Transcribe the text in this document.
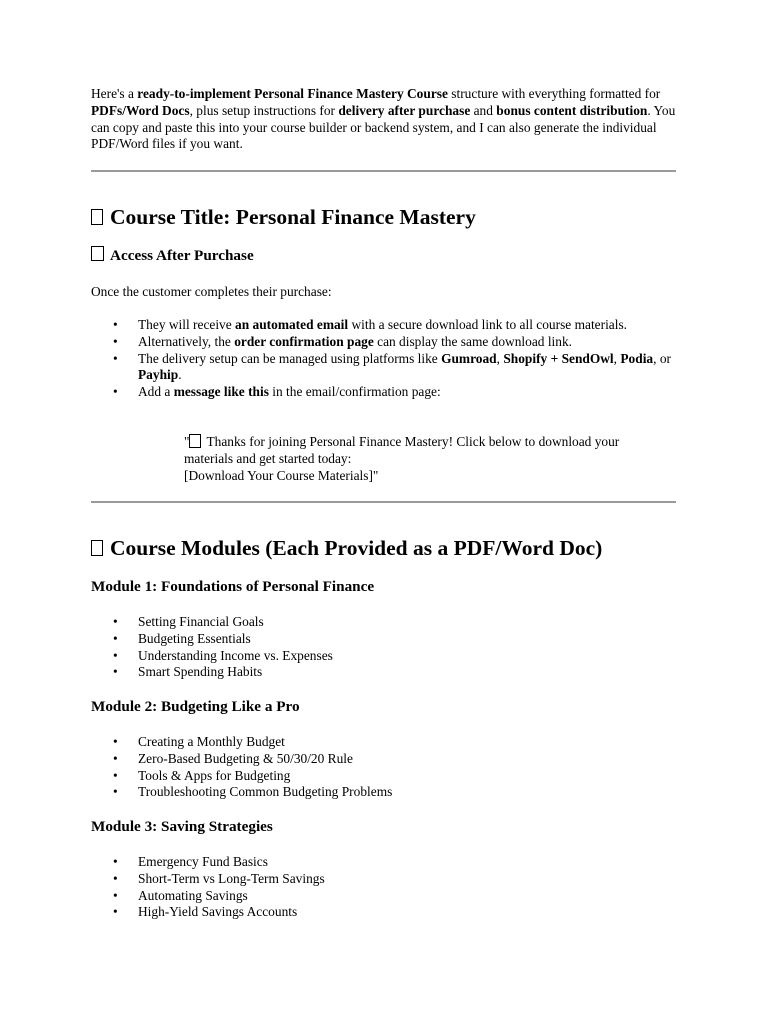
Here's a ready-to-implement Personal Finance Mastery Course structure with everything formatted for PDFs/Word Docs, plus setup instructions for delivery after purchase and bonus content distribution. You can copy and paste this into your course builder or backend system, and I can also generate the individual PDF/Word files if you want.

Course Title: Personal Finance Mastery
Access After Purchase

Once the customer completes their purchase:

• They will receive an automated email with a secure download link to all course materials.
• Alternatively, the order confirmation page can display the same download link.
• The delivery setup can be managed using platforms like Gumroad, Shopify + SendOwl, Podia, or Payhip.
• Add a message like this in the email/confirmation page:
" Thanks for joining Personal Finance Mastery! Click below to download your materials and get started today:
[Download Your Course Materials]"
Course Modules (Each Provided as a PDF/Word Doc)
Module 1: Foundations of Personal Finance
• Setting Financial Goals
• Budgeting Essentials
• Understanding Income vs. Expenses
• Smart Spending Habits
Module 2: Budgeting Like a Pro
• Creating a Monthly Budget
• Zero-Based Budgeting & 50/30/20 Rule
• Tools & Apps for Budgeting
• Troubleshooting Common Budgeting Problems
Module 3: Saving Strategies
• Emergency Fund Basics
• Short-Term vs Long-Term Savings
• Automating Savings
• High-Yield Savings Accounts
